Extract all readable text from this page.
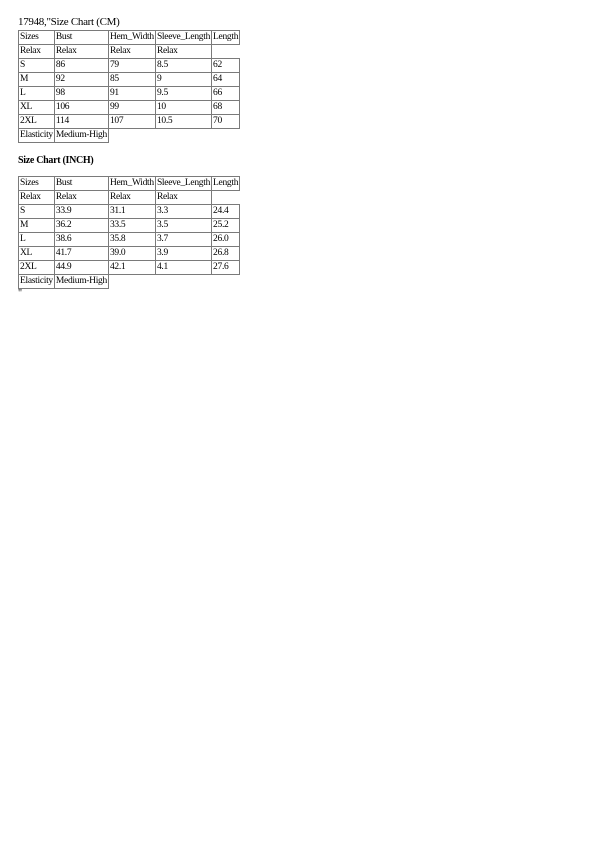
17948,"Size Chart (CM)
Sizes	Bust	Hem_Width	Sleeve_Length	Length
Relax	Relax	Relax	Relax	
S	86	79	8.5	62
M	92	85	9	64
L	98	91	9.5	66
XL	106	99	10	68
2XL	114	107	10.5	70
Elasticity	Medium-High			
Size Chart (INCH)
Sizes	Bust	Hem_Width	Sleeve_Length	Length
Relax	Relax	Relax	Relax	
S	33.9	31.1	3.3	24.4
M	36.2	33.5	3.5	25.2
L	38.6	35.8	3.7	26.0
XL	41.7	39.0	3.9	26.8
2XL	44.9	42.1	4.1	27.6
Elasticity	Medium-High			
"
